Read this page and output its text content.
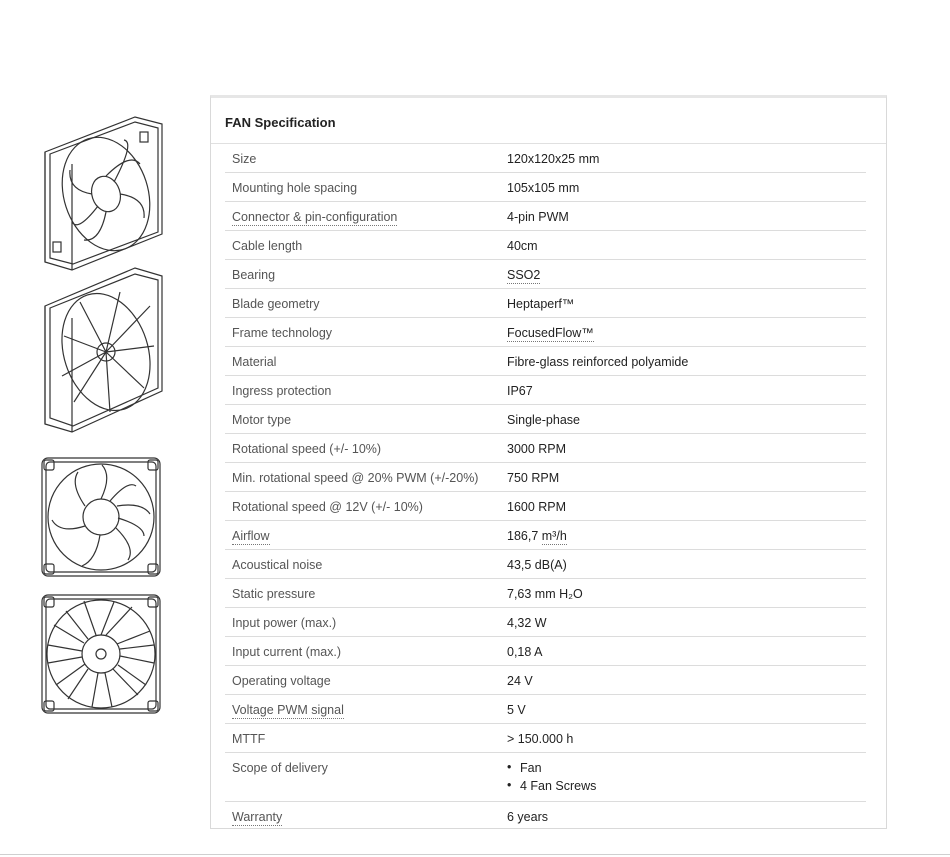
FAN Specification
Size	120x120x25 mm
Mounting hole spacing	105x105 mm
Connector & pin-configuration	4-pin PWM
Cable length	40cm
Bearing	SSO2
Blade geometry	Heptaperf™
Frame technology	FocusedFlow™
Material	Fibre-glass reinforced polyamide
Ingress protection	IP67
Motor type	Single-phase
Rotational speed (+/- 10%)	3000 RPM
Min. rotational speed @ 20% PWM (+/-20%)	750 RPM
Rotational speed @ 12V (+/- 10%)	1600 RPM
Airflow	186,7 m³/h
Acoustical noise	43,5 dB(A)
Static pressure	7,63 mm H₂O
Input power (max.)	4,32 W
Input current (max.)	0,18 A
Operating voltage	24 V
Voltage PWM signal	5 V
MTTF	> 150.000 h
Scope of delivery
•	Fan
• 4 Fan Screws
Warranty	6 years
